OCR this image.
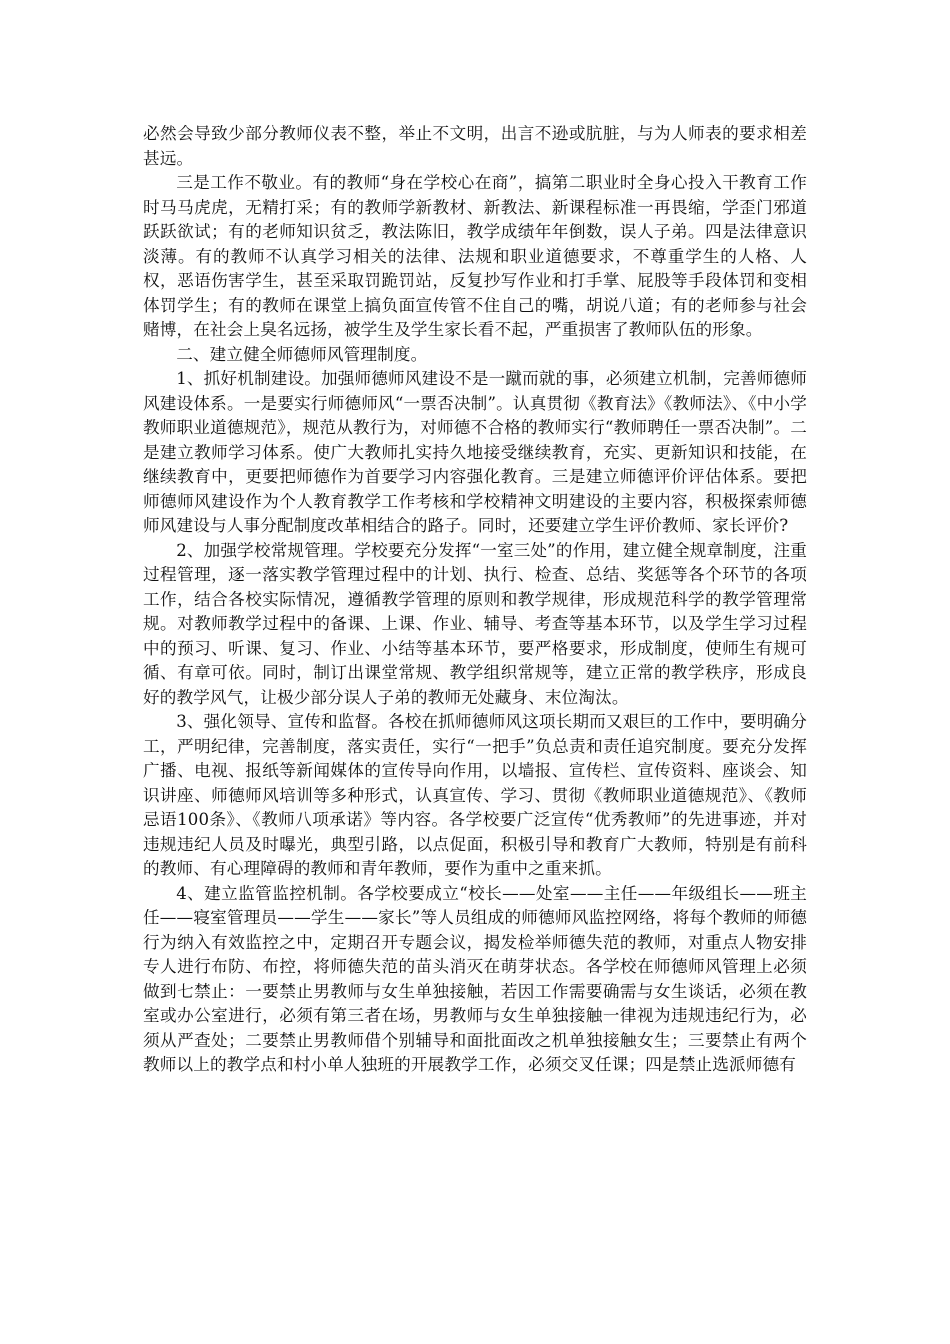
必然会导致少部分教师仪表不整，举止不文明，出言不逊或肮脏，与为人师表的要求相差甚远。

三是工作不敬业。有的教师“身在学校心在商”，搞第二职业时全身心投入干教育工作时马马虎虎，无精打采；有的教师学新教材、新教法、新课程标准一再畏缩，学歪门邪道跃跃欲试；有的老师知识贫乏，教法陈旧，教学成绩年年倒数，误人子弟。四是法律意识淡薄。有的教师不认真学习相关的法律、法规和职业道德要求，不尊重学生的人格、人权，恶语伤害学生，甚至采取罚跪罚站，反复抄写作业和打手掌、屁股等手段体罚和变相体罚学生；有的教师在课堂上搞负面宣传管不住自己的嘴，胡说八道；有的老师参与社会赌博，在社会上臭名远扬，被学生及学生家长看不起，严重损害了教师队伍的形象。

二、建立健全师德师风管理制度。

1、抓好机制建设。加强师德师风建设不是一蹴而就的事，必须建立机制，完善师德师风建设体系。一是要实行师德师风“一票否决制”。认真贯彻《教育法》《教师法》、《中小学教师职业道德规范》，规范从教行为，对师德不合格的教师实行“教师聘任一票否决制”。二是建立教师学习体系。使广大教师扎实持久地接受继续教育，充实、更新知识和技能，在继续教育中，更要把师德作为首要学习内容强化教育。三是建立师德评价评估体系。要把师德师风建设作为个人教育教学工作考核和学校精神文明建设的主要内容，积极探索师德师风建设与人事分配制度改革相结合的路子。同时，还要建立学生评价教师、家长评价?

2、加强学校常规管理。学校要充分发挥“一室三处”的作用，建立健全规章制度，注重过程管理，逐一落实教学管理过程中的计划、执行、检查、总结、奖惩等各个环节的各项工作，结合各校实际情况，遵循教学管理的原则和教学规律，形成规范科学的教学管理常规。对教师教学过程中的备课、上课、作业、辅导、考查等基本环节，以及学生学习过程中的预习、听课、复习、作业、小结等基本环节，要严格要求，形成制度，使师生有规可循、有章可依。同时，制订出课堂常规、教学组织常规等，建立正常的教学秩序，形成良好的教学风气，让极少部分误人子弟的教师无处藏身、末位淘汰。

3、强化领导、宣传和监督。各校在抓师德师风这项长期而又艰巨的工作中，要明确分工，严明纪律，完善制度，落实责任，实行“一把手”负总责和责任追究制度。要充分发挥广播、电视、报纸等新闻媒体的宣传导向作用，以墙报、宣传栏、宣传资料、座谈会、知识讲座、师德师风培训等多种形式，认真宣传、学习、贯彻《教师职业道德规范》、《教师忌语100条》、《教师八项承诺》等内容。各学校要广泛宣传“优秀教师”的先进事迹，并对违规违纪人员及时曝光，典型引路，以点促面，积极引导和教育广大教师，特别是有前科的教师、有心理障碍的教师和青年教师，要作为重中之重来抓。

4、建立监管监控机制。各学校要成立“校长——处室——主任——年级组长——班主任——寝室管理员——学生——家长”等人员组成的师德师风监控网络，将每个教师的师德行为纳入有效监控之中，定期召开专题会议，揭发检举师德失范的教师，对重点人物安排专人进行布防、布控，将师德失范的苗头消灭在萌芽状态。各学校在师德师风管理上必须做到七禁止：一要禁止男教师与女生单独接触，若因工作需要确需与女生谈话，必须在教室或办公室进行，必须有第三者在场，男教师与女生单独接触一律视为违规违纪行为，必须从严查处；二要禁止男教师借个别辅导和面批面改之机单独接触女生；三要禁止有两个教师以上的教学点和村小单人独班的开展教学工作，必须交叉任课；四是禁止选派师德有
